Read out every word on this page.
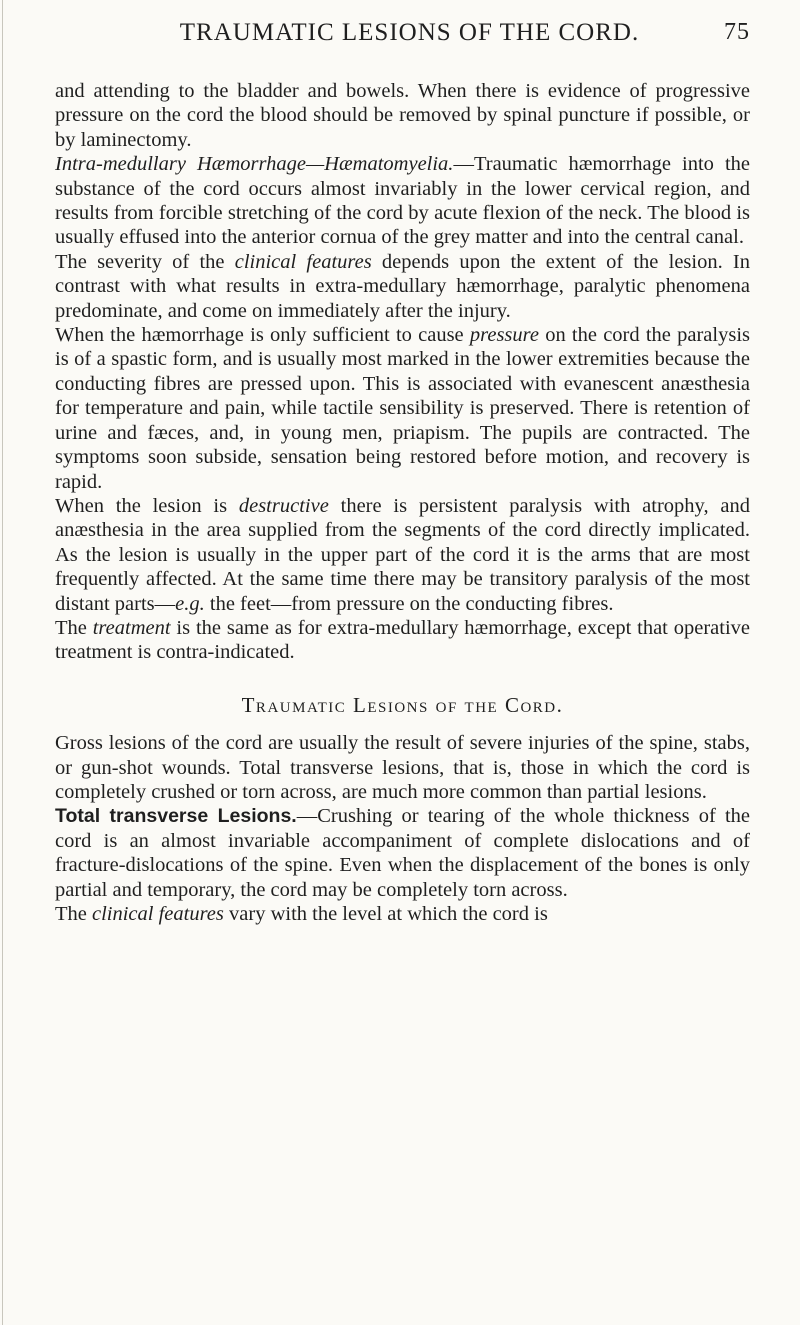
TRAUMATIC LESIONS OF THE CORD.	75

and attending to the bladder and bowels. When there is evidence of progressive pressure on the cord the blood should be removed by spinal puncture if possible, or by laminectomy.

Intra-medullary Hæmorrhage—Hæmatomyelia.—Traumatic hæmorrhage into the substance of the cord occurs almost invariably in the lower cervical region, and results from forcible stretching of the cord by acute flexion of the neck. The blood is usually effused into the anterior cornua of the grey matter and into the central canal.

The severity of the clinical features depends upon the extent of the lesion. In contrast with what results in extra-medullary hæmorrhage, paralytic phenomena predominate, and come on immediately after the injury.

When the hæmorrhage is only sufficient to cause pressure on the cord the paralysis is of a spastic form, and is usually most marked in the lower extremities because the conducting fibres are pressed upon. This is associated with evanescent anæsthesia for temperature and pain, while tactile sensibility is preserved. There is retention of urine and fæces, and, in young men, priapism. The pupils are contracted. The symptoms soon subside, sensation being restored before motion, and recovery is rapid.

When the lesion is destructive there is persistent paralysis with atrophy, and anæsthesia in the area supplied from the segments of the cord directly implicated. As the lesion is usually in the upper part of the cord it is the arms that are most frequently affected. At the same time there may be transitory paralysis of the most distant parts—e.g. the feet—from pressure on the conducting fibres.

The treatment is the same as for extra-medullary hæmorrhage, except that operative treatment is contra-indicated.

Traumatic Lesions of the Cord.

Gross lesions of the cord are usually the result of severe injuries of the spine, stabs, or gun-shot wounds. Total transverse lesions, that is, those in which the cord is completely crushed or torn across, are much more common than partial lesions.

Total transverse Lesions.—Crushing or tearing of the whole thickness of the cord is an almost invariable accompaniment of complete dislocations and of fracture-dislocations of the spine. Even when the displacement of the bones is only partial and temporary, the cord may be completely torn across.

The clinical features vary with the level at which the cord is
